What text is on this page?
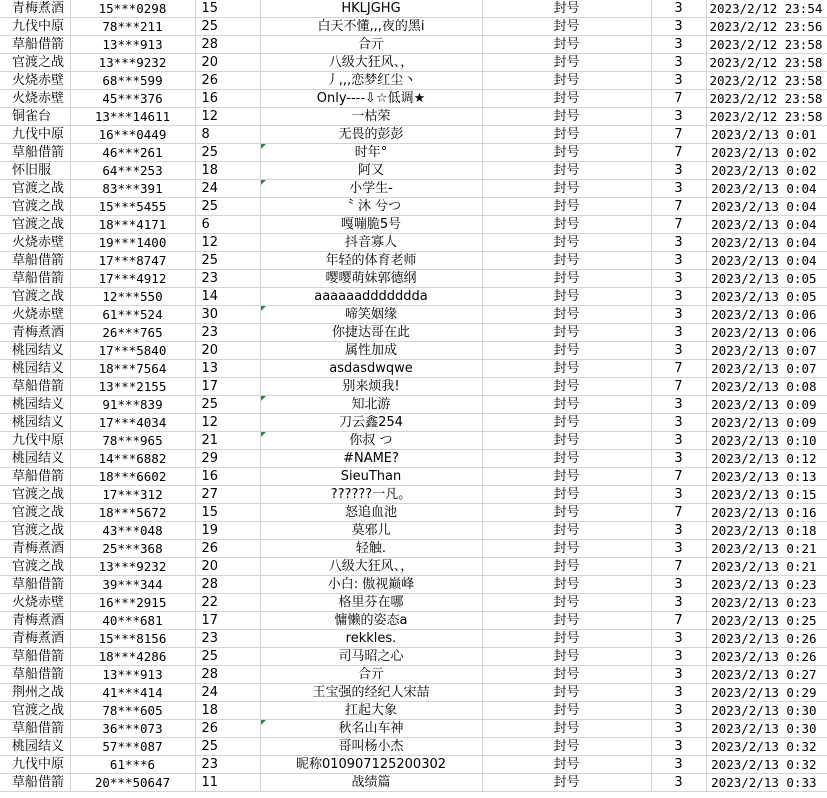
青梅煮酒	15***0298	15	HKLJGHG	封号	3	2023/2/12 23:54
九伐中原	78***211	25	白天不懂,,,夜的黑i	封号	3	2023/2/12 23:56
草船借箭	13***913	28	合亓	封号	3	2023/2/12 23:58
官渡之战	13***9232	20	八级大狂风、，	封号	3	2023/2/12 23:58
火烧赤壁	68***599	26	丿,,,恋梦红尘丶	封号	3	2023/2/12 23:58
火烧赤壁	45***376	16	Only----⇩☆低调★	封号	7	2023/2/12 23:58
铜雀台	13***14611	12	一枯荣	封号	3	2023/2/12 23:58
九伐中原	16***0449	8	无畏的彭彭	封号	7	2023/2/13 0:01
草船借箭	46***261	25	时年°	封号	7	2023/2/13 0:02
怀旧服	64***253	18	阿又	封号	3	2023/2/13 0:02
官渡之战	83***391	24	小学生-	封号	3	2023/2/13 0:04
官渡之战	15***5455	25	〝 沐 兮つ	封号	7	2023/2/13 0:04
官渡之战	18***4171	6	嘎嘣脆5号	封号	7	2023/2/13 0:04
火烧赤壁	19***1400	12	抖音寡人	封号	3	2023/2/13 0:04
草船借箭	17***8747	25	年轻的体育老师	封号	3	2023/2/13 0:04
草船借箭	17***4912	23	嘤嘤萌妹郭德纲	封号	3	2023/2/13 0:05
官渡之战	12***550	14	aaaaaaddddddda	封号	3	2023/2/13 0:05
火烧赤壁	61***524	30	啼笑姻缘	封号	3	2023/2/13 0:06
青梅煮酒	26***765	23	你捷达哥在此	封号	3	2023/2/13 0:06
桃园结义	17***5840	20	属性加成	封号	3	2023/2/13 0:07
桃园结义	18***7564	13	asdasdwqwe	封号	7	2023/2/13 0:07
草船借箭	13***2155	17	别来烦我!	封号	7	2023/2/13 0:08
桃园结义	91***839	25	知北游	封号	3	2023/2/13 0:09
桃园结义	17***4034	12	刀云鑫254	封号	3	2023/2/13 0:09
九伐中原	78***965	21	你叔 つ	封号	3	2023/2/13 0:10
桃园结义	14***6882	29	#NAME?	封号	3	2023/2/13 0:12
草船借箭	18***6602	16	SieuThan	封号	7	2023/2/13 0:13
官渡之战	17***312	27	??????一凡。	封号	3	2023/2/13 0:15
官渡之战	18***5672	15	怒追血池	封号	7	2023/2/13 0:16
官渡之战	43***048	19	莫邪儿	封号	3	2023/2/13 0:18
青梅煮酒	25***368	26	轻触.	封号	3	2023/2/13 0:21
官渡之战	13***9232	20	八级大狂风、，	封号	7	2023/2/13 0:21
草船借箭	39***344	28	小白: 傲视巅峰	封号	3	2023/2/13 0:23
火烧赤壁	16***2915	22	格里芬在哪	封号	3	2023/2/13 0:23
青梅煮酒	40***681	17	慵懒的姿态a	封号	7	2023/2/13 0:25
青梅煮酒	15***8156	23	rekkles.	封号	3	2023/2/13 0:26
草船借箭	18***4286	25	司马昭之心	封号	3	2023/2/13 0:26
草船借箭	13***913	28	合亓	封号	3	2023/2/13 0:27
荆州之战	41***414	24	王宝强的经纪人宋喆	封号	3	2023/2/13 0:29
官渡之战	78***605	18	扛起大象	封号	3	2023/2/13 0:30
草船借箭	36***073	26	秋名山车神	封号	3	2023/2/13 0:30
桃园结义	57***087	25	哥叫杨小杰	封号	3	2023/2/13 0:32
九伐中原	61***6	23	昵称010907125200302	封号	3	2023/2/13 0:32
草船借箭	20***50647	11	战绩篇	封号	3	2023/2/13 0:33
